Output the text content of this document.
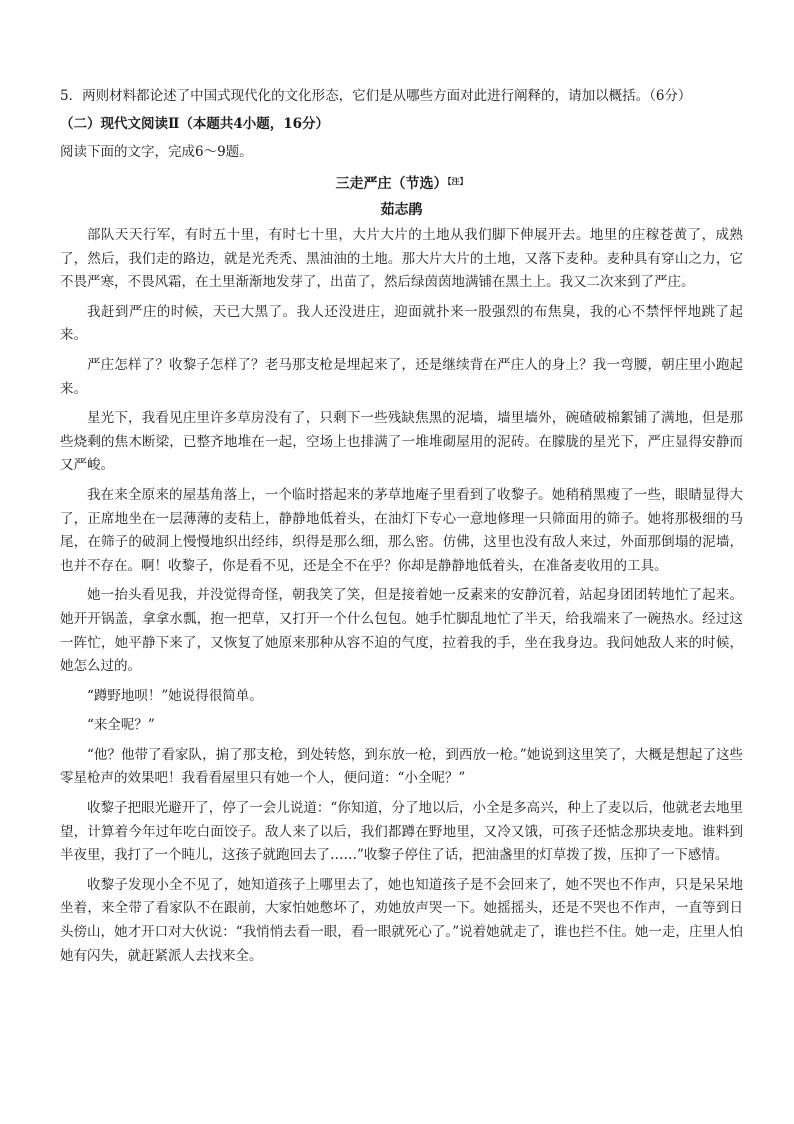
5．两则材料都论述了中国式现代化的文化形态，它们是从哪些方面对此进行阐释的，请加以概括。（6分）

（二）现代文阅读Ⅱ（本题共4小题，16分）

阅读下面的文字，完成6～9题。

三走严庄（节选）$^{【注】}$
茹志鹃

部队天天行军，有时五十里，有时七十里，大片大片的土地从我们脚下伸展开去。地里的庄稼苍黄了，成熟了，然后，我们走的路边，就是光秃秃、黑油油的土地。那大片大片的土地，又落下麦种。麦种具有穿山之力，它不畏严寒，不畏风霜，在土里渐渐地发芽了，出苗了，然后绿茵茵地满铺在黑土上。我又二次来到了严庄。

我赶到严庄的时候，天已大黑了。我人还没进庄，迎面就扑来一股强烈的布焦臭，我的心不禁怦怦地跳了起来。

严庄怎样了？收黎子怎样了？老马那支枪是埋起来了，还是继续背在严庄人的身上？我一弯腰，朝庄里小跑起来。

星光下，我看见庄里许多草房没有了，只剩下一些残缺焦黑的泥墙，墙里墙外，碗碴破棉絮铺了满地，但是那些烧剩的焦木断梁，已整齐地堆在一起，空场上也排满了一堆堆砌屋用的泥砖。在朦胧的星光下，严庄显得安静而又严峻。

我在来全原来的屋基角落上，一个临时搭起来的茅草地庵子里看到了收黎子。她稍稍黑瘦了一些，眼睛显得大了，正席地坐在一层薄薄的麦秸上，静静地低着头，在油灯下专心一意地修理一只筛面用的筛子。她将那极细的马尾，在筛子的破洞上慢慢地织出经纬，织得是那么细，那么密。仿佛，这里也没有敌人来过，外面那倒塌的泥墙，也并不存在。啊！收黎子，你是看不见，还是全不在乎？你却是静静地低着头，在准备麦收用的工具。

她一抬头看见我，并没觉得奇怪，朝我笑了笑，但是接着她一反素来的安静沉着，站起身团团转地忙了起来。她开开锅盖，拿拿水瓢，抱一把草，又打开一个什么包包。她手忙脚乱地忙了半天，给我端来了一碗热水。经过这一阵忙，她平静下来了，又恢复了她原来那种从容不迫的气度，拉着我的手，坐在我身边。我问她敌人来的时候，她怎么过的。

“蹲野地呗！”她说得很简单。

“来全呢？”

“他？他带了看家队，掮了那支枪，到处转悠，到东放一枪，到西放一枪。”她说到这里笑了，大概是想起了这些零星枪声的效果吧！我看看屋里只有她一个人，便问道：“小全呢？”

收黎子把眼光避开了，停了一会儿说道：“你知道，分了地以后，小全是多高兴，种上了麦以后，他就老去地里望，计算着今年过年吃白面饺子。敌人来了以后，我们都蹲在野地里，又冷又饿，可孩子还惦念那块麦地。谁料到半夜里，我打了一个盹儿，这孩子就跑回去了……”收黎子停住了话，把油盏里的灯草拨了拨，压抑了一下感情。

收黎子发现小全不见了，她知道孩子上哪里去了，她也知道孩子是不会回来了，她不哭也不作声，只是呆呆地坐着，来全带了看家队不在跟前，大家怕她憋坏了，劝她放声哭一下。她摇摇头，还是不哭也不作声，一直等到日头傍山，她才开口对大伙说：“我悄悄去看一眼，看一眼就死心了。”说着她就走了，谁也拦不住。她一走，庄里人怕她有闪失，就赶紧派人去找来全。
